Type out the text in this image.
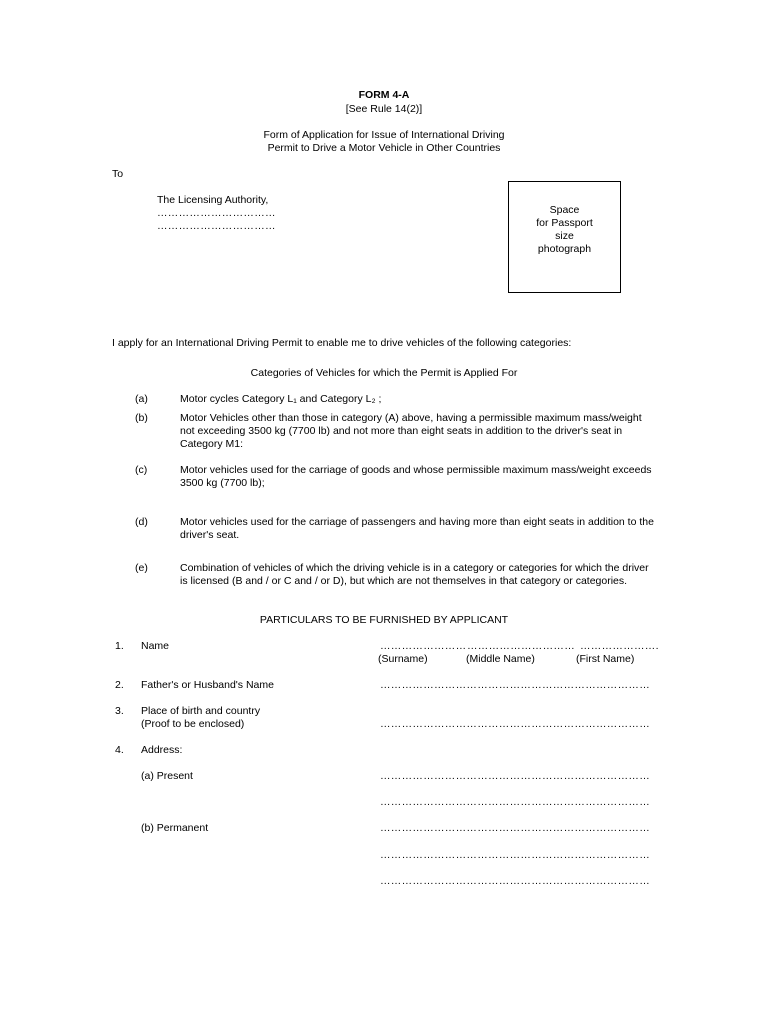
FORM 4-A
[See Rule 14(2)]
Form of Application for Issue of International Driving
Permit to Drive a Motor Vehicle in Other Countries
To
The Licensing Authority,
……………………………
……………………………
Space
for Passport
size
photograph
I apply for an International Driving Permit to enable me to drive vehicles of the following categories:
Categories of Vehicles for which the Permit is Applied For
(a)	Motor cycles Category L₁ and Category L₂ ;
(b)	Motor Vehicles other than those in category (A) above, having a permissible maximum mass/weight not exceeding 3500 kg (7700 lb) and not more than eight seats in addition to the driver's seat in Category M1:
(c)	Motor vehicles used for the carriage of goods and whose permissible maximum mass/weight exceeds 3500 kg (7700 lb);
(d)	Motor vehicles used for the carriage of passengers and having more than eight seats in addition to the driver's seat.
(e)	Combination of vehicles of which the driving vehicle is in a category or categories for which the driver is licensed (B and / or C and / or D), but which are not themselves in that category or categories.
PARTICULARS TO BE FURNISHED BY APPLICANT
1. Name	…………………… ………………………… ………………….
(Surname)	(Middle Name)	(First Name)
2. Father's or Husband's Name	…………………………………………………………………
3. Place of birth and country
(Proof to be enclosed)	…………………………………………………………………
4. Address:
(a) Present	…………………………………………………………………
…………………………………………………………………
(b) Permanent	…………………………………………………………………
…………………………………………………………………
…………………………………………………………………
